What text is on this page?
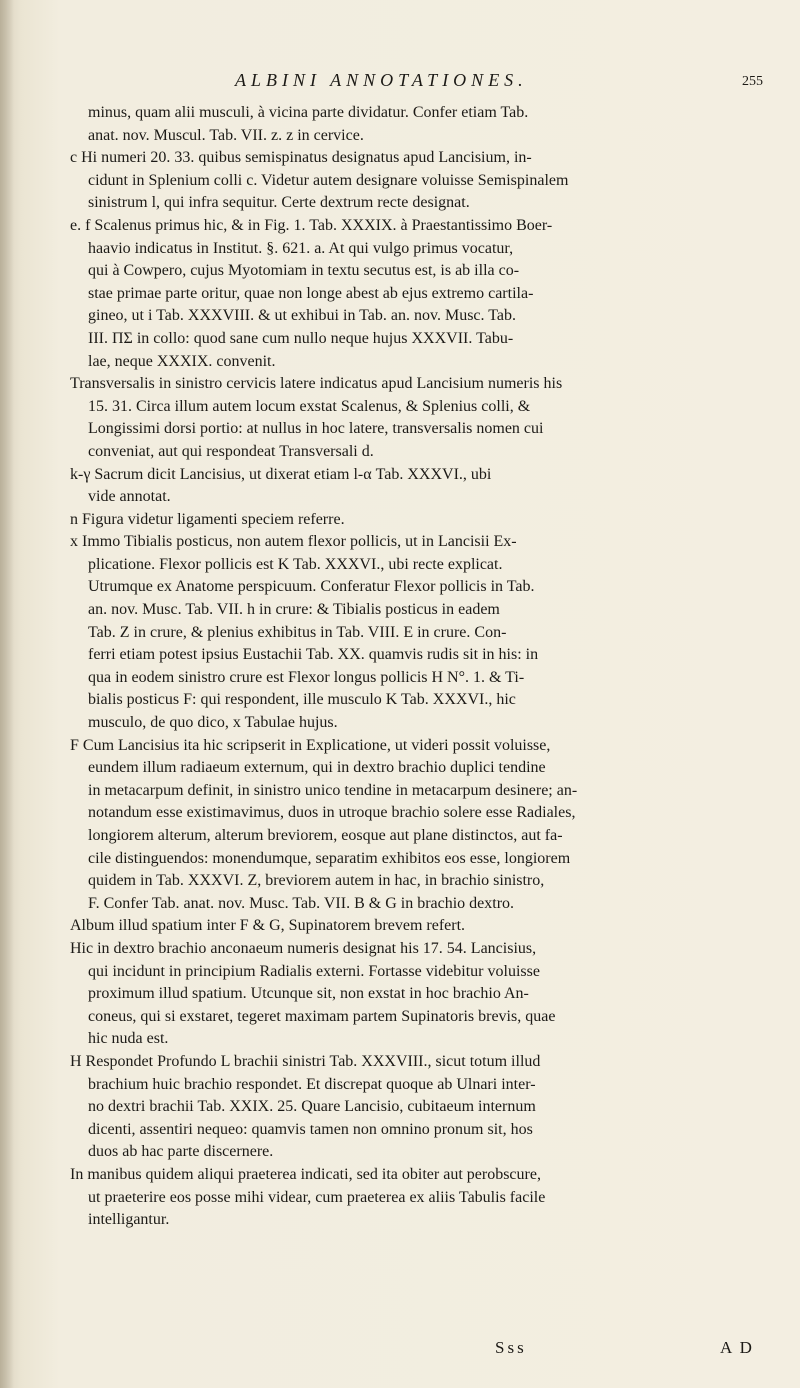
ALBINI ANNOTATIONES.	255
minus, quam alii musculi, à vicina parte dividatur. Confer etiam Tab.
anat. nov. Muscul. Tab. VII. z. z in cervice.
c Hi numeri 20. 33. quibus semispinatus designatus apud Lancisium, in-
cidunt in Splenium colli c. Videtur autem designare voluisse Semispinalem
sinistrum l, qui infra sequitur. Certe dextrum recte designat.
e. f Scalenus primus hic, & in Fig. 1. Tab. XXXIX. à Praestantissimo Boer-
haavio indicatus in Institut. §. 621. a. At qui vulgo primus vocatur,
qui à Cowpero, cujus Myotomiam in textu secutus est, is ab illa co-
stae primae parte oritur, quae non longe abest ab ejus extremo cartila-
gineo, ut i Tab. XXXVIII. & ut exhibui in Tab. an. nov. Musc. Tab.
III. ΠΣ in collo: quod sane cum nullo neque hujus XXXVII. Tabu-
lae, neque XXXIX. convenit.
Transversalis in sinistro cervicis latere indicatus apud Lancisium numeris his
15. 31. Circa illum autem locum exstat Scalenus, & Splenius colli, &
Longissimi dorsi portio: at nullus in hoc latere, transversalis nomen cui
conveniat, aut qui respondeat Transversali d.
k-γ Sacrum dicit Lancisius, ut dixerat etiam l-α Tab. XXXVI., ubi
vide annotat.
n Figura videtur ligamenti speciem referre.
x Immo Tibialis posticus, non autem flexor pollicis, ut in Lancisii Ex-
plicatione. Flexor pollicis est K Tab. XXXVI., ubi recte explicat.
Utrumque ex Anatome perspicuum. Conferatur Flexor pollicis in Tab.
an. nov. Musc. Tab. VII. h in crure: & Tibialis posticus in eadem
Tab. Z in crure, & plenius exhibitus in Tab. VIII. E in crure. Con-
ferri etiam potest ipsius Eustachii Tab. XX. quamvis rudis sit in his: in
qua in eodem sinistro crure est Flexor longus pollicis H N°. 1. & Ti-
bialis posticus F: qui respondent, ille musculo K Tab. XXXVI., hic
musculo, de quo dico, x Tabulae hujus.
F Cum Lancisius ita hic scripserit in Explicatione, ut videri possit voluisse,
eundem illum radiaeum externum, qui in dextro brachio duplici tendine
in metacarpum definit, in sinistro unico tendine in metacarpum desinere; an-
notandum esse existimavimus, duos in utroque brachio solere esse Radiales,
longiorem alterum, alterum breviorem, eosque aut plane distinctos, aut fa-
cile distinguendos: monendumque, separatim exhibitos eos esse, longiorem
quidem in Tab. XXXVI. Z, breviorem autem in hac, in brachio sinistro,
F. Confer Tab. anat. nov. Musc. Tab. VII. B & G in brachio dextro.
Album illud spatium inter F & G, Supinatorem brevem refert.
Hic in dextro brachio anconaeum numeris designat his 17. 54. Lancisius,
qui incidunt in principium Radialis externi. Fortasse videbitur voluisse
proximum illud spatium. Utcunque sit, non exstat in hoc brachio An-
coneus, qui si exstaret, tegeret maximam partem Supinatoris brevis, quae
hic nuda est.
H Respondet Profundo L brachii sinistri Tab. XXXVIII., sicut totum illud
brachium huic brachio respondet. Et discrepat quoque ab Ulnari inter-
no dextri brachii Tab. XXIX. 25. Quare Lancisio, cubitaeum internum
dicenti, assentiri nequeo: quamvis tamen non omnino pronum sit, hos
duos ab hac parte discernere.
In manibus quidem aliqui praeterea indicati, sed ita obiter aut perobscure,
ut praeterire eos posse mihi videar, cum praeterea ex aliis Tabulis facile
intelligantur.
Sss	A D
